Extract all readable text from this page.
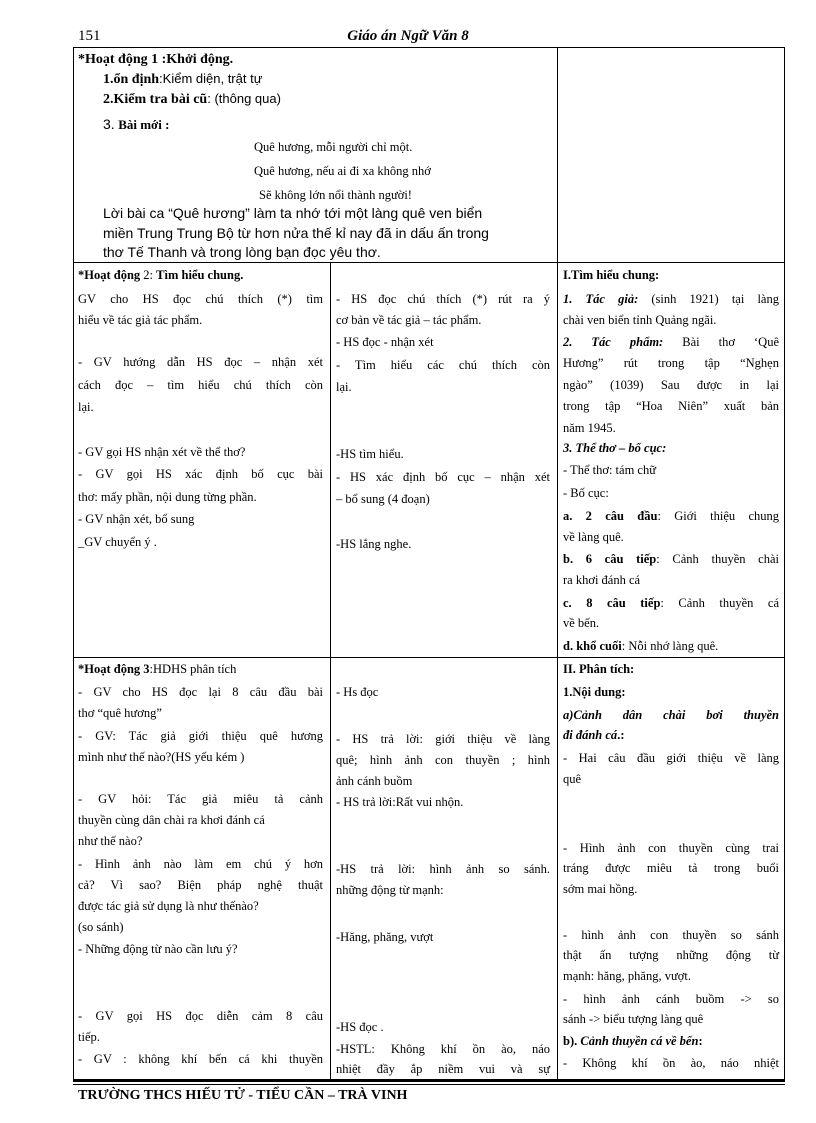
151	Giáo án Ngữ Văn 8
*Hoạt động 1 :Khởi động.
1.ổn định:Kiểm diện, trật tự
2.Kiểm tra bài cũ: (thông qua)
3. Bài mới :
Quê hương, mỗi người chỉ một.
Quê hương, nếu ai đi xa không nhớ
Sẽ không lớn nổi thành người!
Lời bài ca “Quê hương” làm ta nhớ tới một làng quê ven biển
miền Trung Trung Bộ từ hơn nửa thế kỉ nay đã in dấu ấn trong
thơ Tế Thanh và trong lòng bạn đọc yêu thơ.
*Hoạt động 2: Tìm hiểu chung.
GV cho HS đọc chú thích (*) tìm
hiểu về tác giả tác phẩm.
- GV hướng dẫn HS đọc – nhận xét
cách đọc – tìm hiểu chú thích còn
lại.
- GV gọi HS nhận xét về thể thơ?
- GV gọi HS xác định bố cục bài
thơ: mấy phần, nội dung từng phần.
- GV nhận xét, bổ sung
_GV chuyển ý .
- HS đọc chú thích (*) rút ra ý
cơ bản về tác giả – tác phẩm.
- HS đọc - nhận xét
- Tìm hiểu các chú thích còn
lại.
-HS tìm hiểu.
- HS xác định bố cục – nhận xét
– bổ sung (4 đoạn)
-HS lắng nghe.
I.Tìm hiểu chung:
1. Tác giả: (sinh 1921) tại làng
chài ven biển tỉnh Quảng ngãi.
2. Tác phẩm: Bài thơ ‘Quê
Hương” rút trong tập “Nghẹn
ngào” (1039) Sau được in lại
trong tập “Hoa Niên” xuất bản
năm 1945.
3. Thể thơ – bố cục:
- Thể thơ: tám chữ
- Bố cục:
a. 2 câu đầu: Giới thiệu chung
về làng quê.
b. 6 câu tiếp: Cảnh thuyền chài
ra khơi đánh cá
c. 8 câu tiếp: Cảnh thuyền cá
về bến.
d. khổ cuối: Nỗi nhớ làng quê.
*Hoạt động 3:HDHS phân tích
- GV cho HS đọc lại 8 câu đầu bài
thơ “quê hương”
- GV: Tác giả giới thiệu quê hương
mình như thế nào?(HS yếu kém )
- GV hỏi: Tác giả miêu tả cảnh
thuyền cùng dân chài ra khơi đánh cá
như thế nào?
- Hình ảnh nào làm em chú ý hơn
cả? Vì sao? Biện pháp nghệ thuật
được tác giả sử dụng là như thếnào?
(so sánh)
- Những động từ nào cần lưu ý?
- GV gọi HS đọc diễn cảm 8 câu
tiếp.
- GV : không khí bến cá khi thuyền
- Hs đọc
- HS trả lời: giới thiệu về làng
quê; hình ảnh con thuyền ; hình
ảnh cánh buồm
- HS trả lời:Rất vui nhộn.
-HS trả lời: hình ảnh so sánh.
những động từ mạnh:
-Hăng, phăng, vượt
-HS đọc .
-HSTL: Không khí ồn ào, náo
nhiệt đầy ắp niềm vui và sự
II. Phân tích:
1.Nội dung:
a)Cảnh dân chài bơi thuyền
đi đánh cá.:
- Hai câu đầu giới thiệu về làng
quê
- Hình ảnh con thuyền cùng trai
tráng được miêu tả trong buổi
sớm mai hồng.
- hình ảnh con thuyền so sánh
thật ấn tượng những động từ
mạnh: hăng, phăng, vượt.
- hình ảnh cánh buồm -> so
sánh -> biểu tượng làng quê
b). Cảnh thuyền cá về bến:
- Không khí ồn ào, náo nhiệt
TRƯỜNG THCS HIẾU TỬ - TIỂU CẦN – TRÀ VINH
